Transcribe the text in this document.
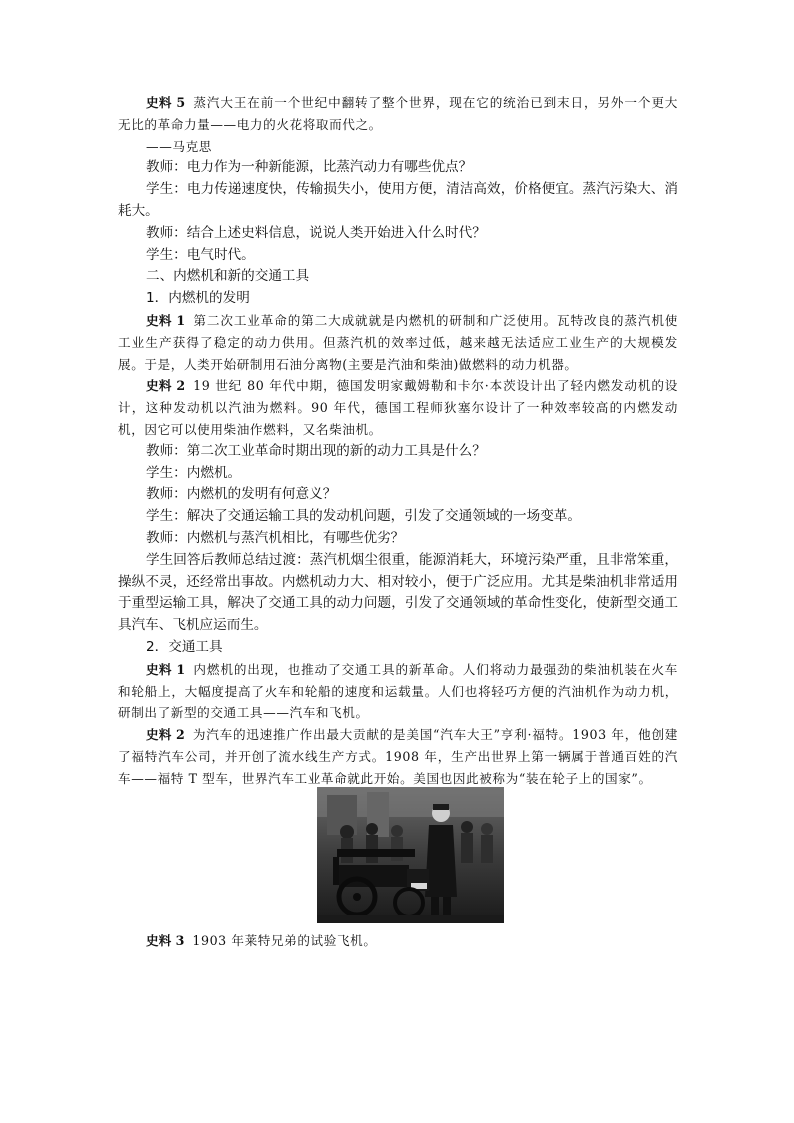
史料 5 蒸汽大王在前一个世纪中翻转了整个世界，现在它的统治已到末日，另外一个更大无比的革命力量——电力的火花将取而代之。

——马克思

教师：电力作为一种新能源，比蒸汽动力有哪些优点？

学生：电力传递速度快，传输损失小，使用方便，清洁高效，价格便宜。蒸汽污染大、消耗大。

教师：结合上述史料信息，说说人类开始进入什么时代？

学生：电气时代。

二、内燃机和新的交通工具

1．内燃机的发明

史料 1 第二次工业革命的第二大成就就是内燃机的研制和广泛使用。瓦特改良的蒸汽机使工业生产获得了稳定的动力供用。但蒸汽机的效率过低，越来越无法适应工业生产的大规模发展。于是，人类开始研制用石油分离物(主要是汽油和柴油)做燃料的动力机器。

史料 2 19 世纪 80 年代中期，德国发明家戴姆勒和卡尔·本茨设计出了轻内燃发动机的设计，这种发动机以汽油为燃料。90 年代，德国工程师狄塞尔设计了一种效率较高的内燃发动机，因它可以使用柴油作燃料，又名柴油机。

教师：第二次工业革命时期出现的新的动力工具是什么？

学生：内燃机。

教师：内燃机的发明有何意义？

学生：解决了交通运输工具的发动机问题，引发了交通领域的一场变革。

教师：内燃机与蒸汽机相比，有哪些优劣？

学生回答后教师总结过渡：蒸汽机烟尘很重，能源消耗大，环境污染严重，且非常笨重，操纵不灵，还经常出事故。内燃机动力大、相对较小，便于广泛应用。尤其是柴油机非常适用于重型运输工具，解决了交通工具的动力问题，引发了交通领域的革命性变化，使新型交通工具汽车、飞机应运而生。

2．交通工具

史料 1 内燃机的出现，也推动了交通工具的新革命。人们将动力最强劲的柴油机装在火车和轮船上，大幅度提高了火车和轮船的速度和运载量。人们也将轻巧方便的汽油机作为动力机，研制出了新型的交通工具——汽车和飞机。

史料 2 为汽车的迅速推广作出最大贡献的是美国“汽车大王”亨利·福特。1903 年，他创建了福特汽车公司，并开创了流水线生产方式。1908 年，生产出世界上第一辆属于普通百姓的汽车——福特 T 型车，世界汽车工业革命就此开始。美国也因此被称为“装在轮子上的国家”。

史料 3 1903 年莱特兄弟的试验飞机。
